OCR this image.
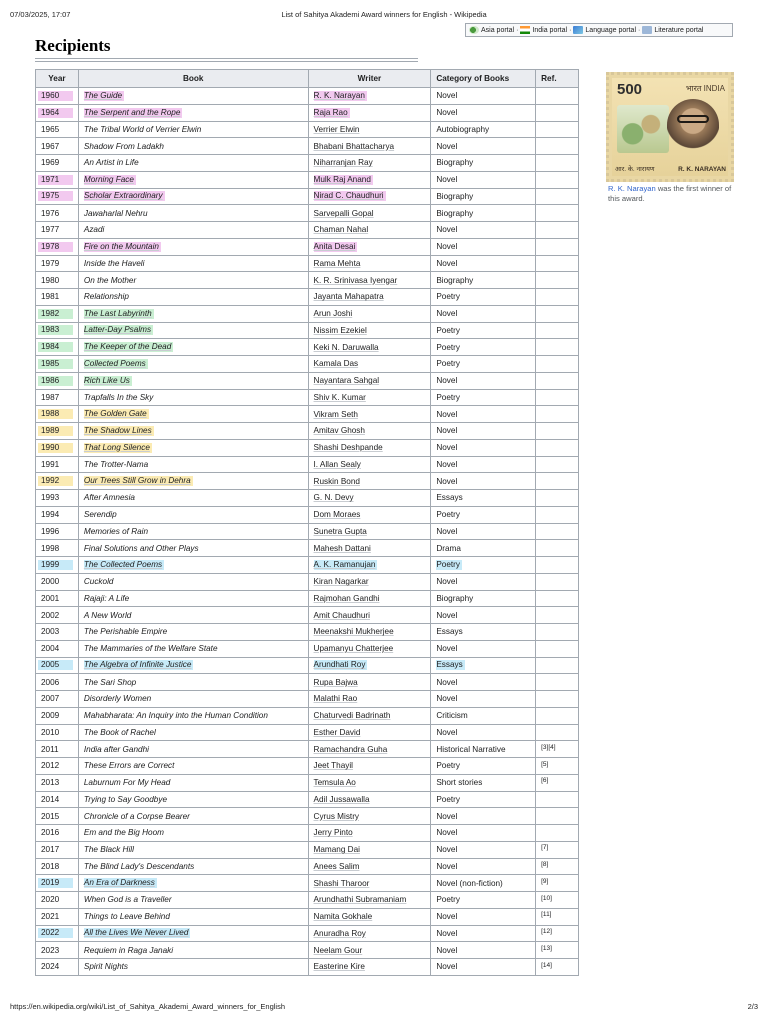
07/03/2025, 17:07	List of Sahitya Akademi Award winners for English - Wikipedia
Asia portal · India portal · Language portal · Literature portal
Recipients
Year	Book	Writer	Category of Books	Ref.

1960	The Guide	R. K. Narayan	Novel	

1964	The Serpent and the Rope	Raja Rao	Novel	
1965	The Tribal World of Verrier Elwin	Verrier Elwin	Autobiography	
1967	Shadow From Ladakh	Bhabani Bhattacharya	Novel	
1969	An Artist in Life	Niharranjan Ray	Biography	

1971	Morning Face	Mulk Raj Anand	Novel	

1975	Scholar Extraordinary	Nirad C. Chaudhuri	Biography	
1976	Jawaharlal Nehru	Sarvepalli Gopal	Biography	
1977	Azadi	Chaman Nahal	Novel	

1978	Fire on the Mountain	Anita Desai	Novel	
1979	Inside the Haveli	Rama Mehta	Novel	
1980	On the Mother	K. R. Srinivasa Iyengar	Biography	
1981	Relationship	Jayanta Mahapatra	Poetry	

1982	The Last Labyrinth	Arun Joshi	Novel	

1983	Latter-Day Psalms	Nissim Ezekiel	Poetry	

1984	The Keeper of the Dead	Keki N. Daruwalla	Poetry	

1985	Collected Poems	Kamala Das	Poetry	

1986	Rich Like Us	Nayantara Sahgal	Novel	
1987	Trapfalls In the Sky	Shiv K. Kumar	Poetry	

1988	The Golden Gate	Vikram Seth	Novel	

1989	The Shadow Lines	Amitav Ghosh	Novel	

1990	That Long Silence	Shashi Deshpande	Novel	
1991	The Trotter-Nama	I. Allan Sealy	Novel	

1992	Our Trees Still Grow in Dehra	Ruskin Bond	Novel	
1993	After Amnesia	G. N. Devy	Essays	
1994	Serendip	Dom Moraes	Poetry	
1996	Memories of Rain	Sunetra Gupta	Novel	
1998	Final Solutions and Other Plays	Mahesh Dattani	Drama	

1999	The Collected Poems	A. K. Ramanujan	Poetry	
2000	Cuckold	Kiran Nagarkar	Novel	
2001	Rajaji: A Life	Rajmohan Gandhi	Biography	
2002	A New World	Amit Chaudhuri	Novel	
2003	The Perishable Empire	Meenakshi Mukherjee	Essays	
2004	The Mammaries of the Welfare State	Upamanyu Chatterjee	Novel	

2005	The Algebra of Infinite Justice	Arundhati Roy	Essays	
2006	The Sari Shop	Rupa Bajwa	Novel	
2007	Disorderly Women	Malathi Rao	Novel	
2009	Mahabharata: An Inquiry into the Human Condition	Chaturvedi Badrinath	Criticism	
2010	The Book of Rachel	Esther David	Novel	
2011	India after Gandhi	Ramachandra Guha	Historical Narrative	[3][4]
2012	These Errors are Correct	Jeet Thayil	Poetry	[5]
2013	Laburnum For My Head	Temsula Ao	Short stories	[6]
2014	Trying to Say Goodbye	Adil Jussawalla	Poetry	
2015	Chronicle of a Corpse Bearer	Cyrus Mistry	Novel	
2016	Em and the Big Hoom	Jerry Pinto	Novel	
2017	The Black Hill	Mamang Dai	Novel	[7]
2018	The Blind Lady's Descendants	Anees Salim	Novel	[8]

2019	An Era of Darkness	Shashi Tharoor	Novel (non-fiction)	[9]
2020	When God is a Traveller	Arundhathi Subramaniam	Poetry	[10]
2021	Things to Leave Behind	Namita Gokhale	Novel	[11]

2022	All the Lives We Never Lived	Anuradha Roy	Novel	[12]
2023	Requiem in Raga Janaki	Neelam Gour	Novel	[13]
2024	Spirit Nights	Easterine Kire	Novel	[14]
500	भारत INDIA
आर. के. नारायण	R. K. NARAYAN
R. K. Narayan was the first winner of this award.
https://en.wikipedia.org/wiki/List_of_Sahitya_Akademi_Award_winners_for_English	2/3
